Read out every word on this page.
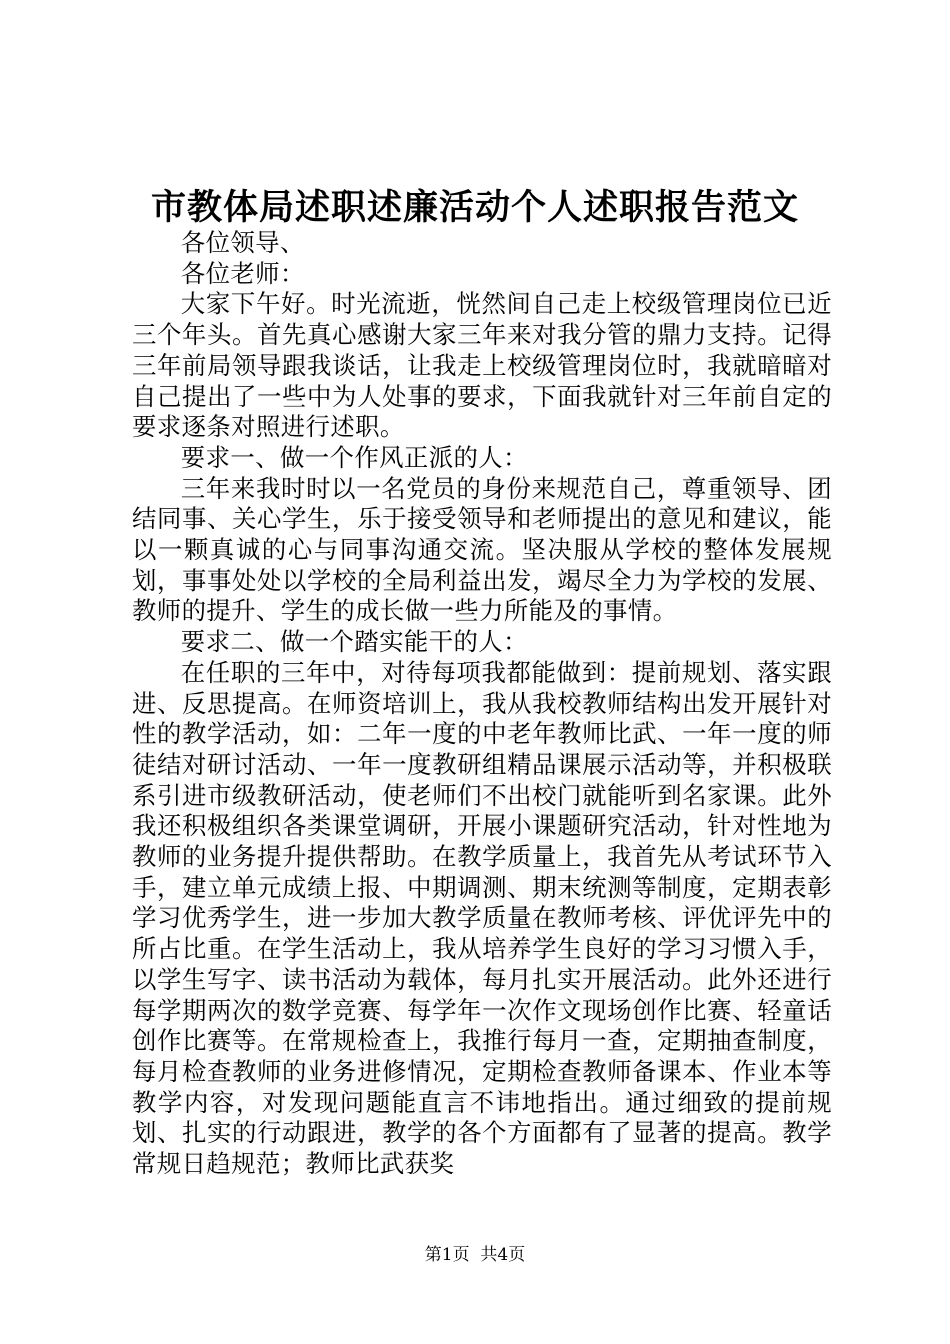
市教体局述职述廉活动个人述职报告范文

各位领导、

各位老师：

大家下午好。时光流逝，恍然间自己走上校级管理岗位已近三个年头。首先真心感谢大家三年来对我分管的鼎力支持。记得三年前局领导跟我谈话，让我走上校级管理岗位时，我就暗暗对自己提出了一些中为人处事的要求，下面我就针对三年前自定的要求逐条对照进行述职。

要求一、做一个作风正派的人：

三年来我时时以一名党员的身份来规范自己，尊重领导、团结同事、关心学生，乐于接受领导和老师提出的意见和建议，能以一颗真诚的心与同事沟通交流。坚决服从学校的整体发展规划，事事处处以学校的全局利益出发，竭尽全力为学校的发展、教师的提升、学生的成长做一些力所能及的事情。

要求二、做一个踏实能干的人：

在任职的三年中，对待每项我都能做到：提前规划、落实跟进、反思提高。在师资培训上，我从我校教师结构出发开展针对性的教学活动，如：二年一度的中老年教师比武、一年一度的师徒结对研讨活动、一年一度教研组精品课展示活动等，并积极联系引进市级教研活动，使老师们不出校门就能听到名家课。此外我还积极组织各类课堂调研，开展小课题研究活动，针对性地为教师的业务提升提供帮助。在教学质量上，我首先从考试环节入手，建立单元成绩上报、中期调测、期末统测等制度，定期表彰学习优秀学生，进一步加大教学质量在教师考核、评优评先中的所占比重。在学生活动上，我从培养学生良好的学习习惯入手，以学生写字、读书活动为载体，每月扎实开展活动。此外还进行每学期两次的数学竞赛、每学年一次作文现场创作比赛、轻童话创作比赛等。在常规检查上，我推行每月一查，定期抽查制度，每月检查教师的业务进修情况，定期检查教师备课本、作业本等教学内容，对发现问题能直言不讳地指出。通过细致的提前规划、扎实的行动跟进，教学的各个方面都有了显著的提高。教学常规日趋规范；教师比武获奖

第1页  共4页
